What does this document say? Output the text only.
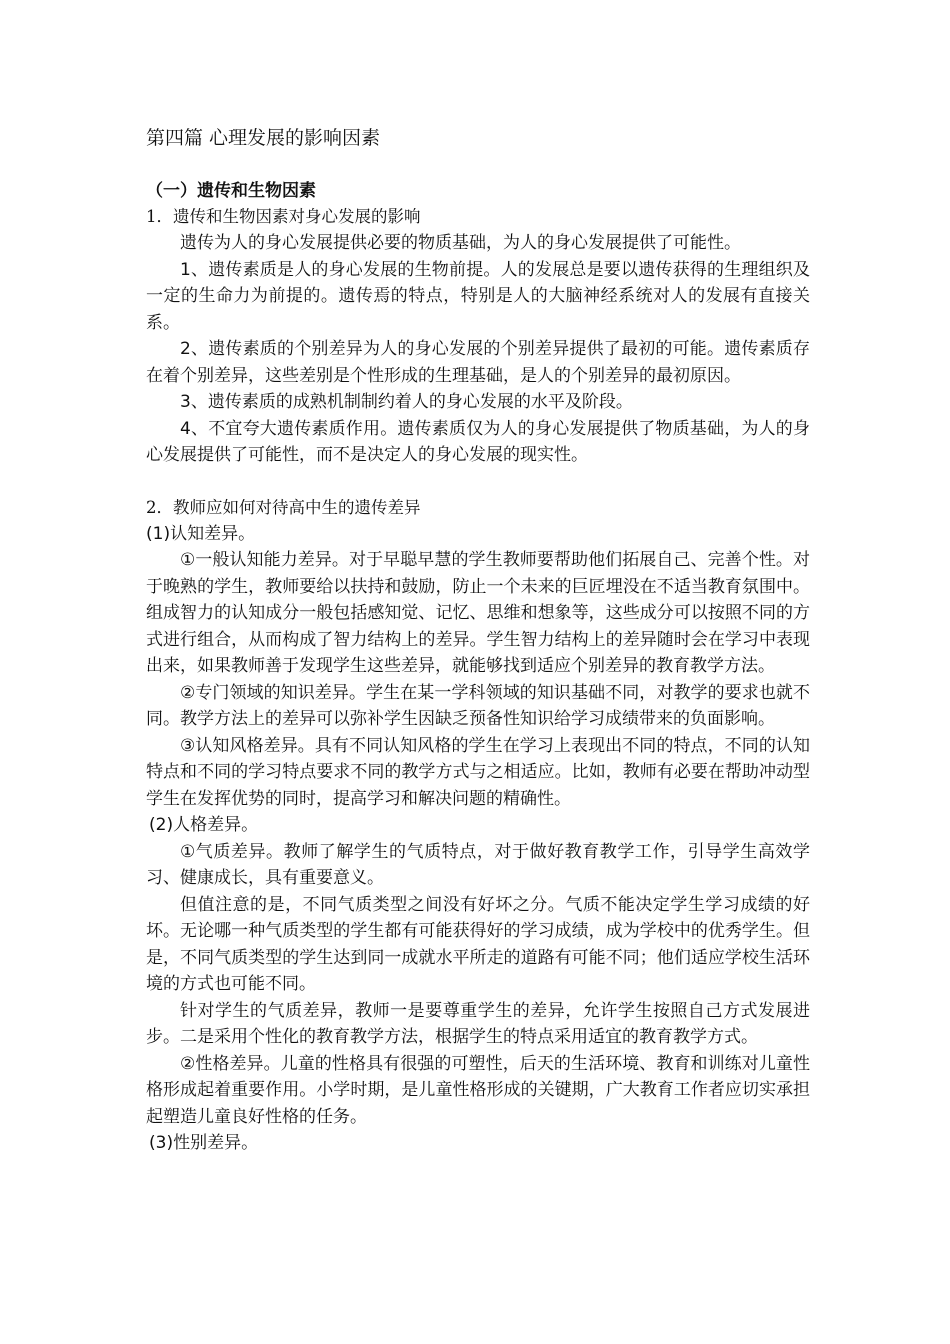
第四篇 心理发展的影响因素
（一）遗传和生物因素
1．遗传和生物因素对身心发展的影响

遗传为人的身心发展提供必要的物质基础，为人的身心发展提供了可能性。

1、遗传素质是人的身心发展的生物前提。人的发展总是要以遗传获得的生理组织及一定的生命力为前提的。遗传焉的特点，特别是人的大脑神经系统对人的发展有直接关系。

2、遗传素质的个别差异为人的身心发展的个别差异提供了最初的可能。遗传素质存在着个别差异，这些差别是个性形成的生理基础，是人的个别差异的最初原因。

3、遗传素质的成熟机制制约着人的身心发展的水平及阶段。

4、不宜夸大遗传素质作用。遗传素质仅为人的身心发展提供了物质基础，为人的身心发展提供了可能性，而不是决定人的身心发展的现实性。

2．教师应如何对待高中生的遗传差异

(1)认知差异。

①一般认知能力差异。对于早聪早慧的学生教师要帮助他们拓展自己、完善个性。对于晚熟的学生，教师要给以扶持和鼓励，防止一个未来的巨匠埋没在不适当教育氛围中。组成智力的认知成分一般包括感知觉、记忆、思维和想象等，这些成分可以按照不同的方式进行组合，从而构成了智力结构上的差异。学生智力结构上的差异随时会在学习中表现出来，如果教师善于发现学生这些差异，就能够找到适应个别差异的教育教学方法。

②专门领域的知识差异。学生在某一学科领域的知识基础不同，对教学的要求也就不同。教学方法上的差异可以弥补学生因缺乏预备性知识给学习成绩带来的负面影响。

③认知风格差异。具有不同认知风格的学生在学习上表现出不同的特点，不同的认知特点和不同的学习特点要求不同的教学方式与之相适应。比如，教师有必要在帮助冲动型学生在发挥优势的同时，提高学习和解决问题的精确性。

(2)人格差异。

①气质差异。教师了解学生的气质特点，对于做好教育教学工作，引导学生高效学习、健康成长，具有重要意义。

但值注意的是，不同气质类型之间没有好坏之分。气质不能决定学生学习成绩的好坏。无论哪一种气质类型的学生都有可能获得好的学习成绩，成为学校中的优秀学生。但是，不同气质类型的学生达到同一成就水平所走的道路有可能不同；他们适应学校生活环境的方式也可能不同。

针对学生的气质差异，教师一是要尊重学生的差异，允许学生按照自己方式发展进步。二是采用个性化的教育教学方法，根据学生的特点采用适宜的教育教学方式。

②性格差异。儿童的性格具有很强的可塑性，后天的生活环境、教育和训练对儿童性格形成起着重要作用。小学时期，是儿童性格形成的关键期，广大教育工作者应切实承担起塑造儿童良好性格的任务。

(3)性别差异。
